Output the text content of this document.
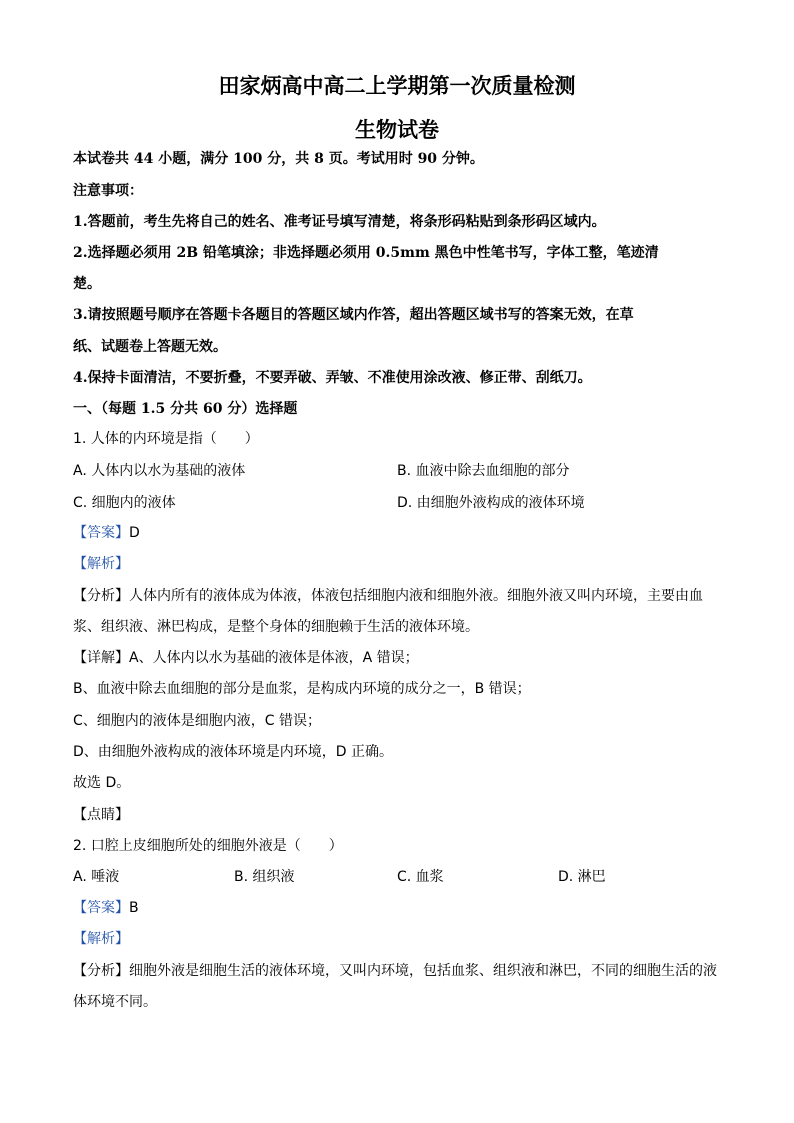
田家炳高中高二上学期第一次质量检测
生物试卷
本试卷共 44 小题，满分 100 分，共 8 页。考试用时 90 分钟。
注意事项：
1.答题前，考生先将自己的姓名、准考证号填写清楚，将条形码粘贴到条形码区域内。
2.选择题必须用 2B 铅笔填涂；非选择题必须用 0.5mm 黑色中性笔书写，字体工整，笔迹清
楚。
3.请按照题号顺序在答题卡各题目的答题区域内作答，超出答题区域书写的答案无效，在草
纸、试题卷上答题无效。
4.保持卡面清洁，不要折叠，不要弄破、弄皱、不准使用涂改液、修正带、刮纸刀。
一、（每题 1.5 分共 60 分）选择题
1. 人体的内环境是指（　　）
A. 人体内以水为基础的液体	B. 血液中除去血细胞的部分
C. 细胞内的液体	D. 由细胞外液构成的液体环境
【答案】D
【解析】
【分析】人体内所有的液体成为体液，体液包括细胞内液和细胞外液。细胞外液又叫内环境，主要由血
浆、组织液、淋巴构成，是整个身体的细胞赖于生活的液体环境。
【详解】A、人体内以水为基础的液体是体液，A 错误；
B、血液中除去血细胞的部分是血浆，是构成内环境的成分之一，B 错误；
C、细胞内的液体是细胞内液，C 错误；
D、由细胞外液构成的液体环境是内环境，D 正确。
故选 D。
【点睛】
2. 口腔上皮细胞所处的细胞外液是（　　）
A. 唾液	B. 组织液	C. 血浆	D. 淋巴
【答案】B
【解析】
【分析】细胞外液是细胞生活的液体环境，又叫内环境，包括血浆、组织液和淋巴，不同的细胞生活的液
体环境不同。
